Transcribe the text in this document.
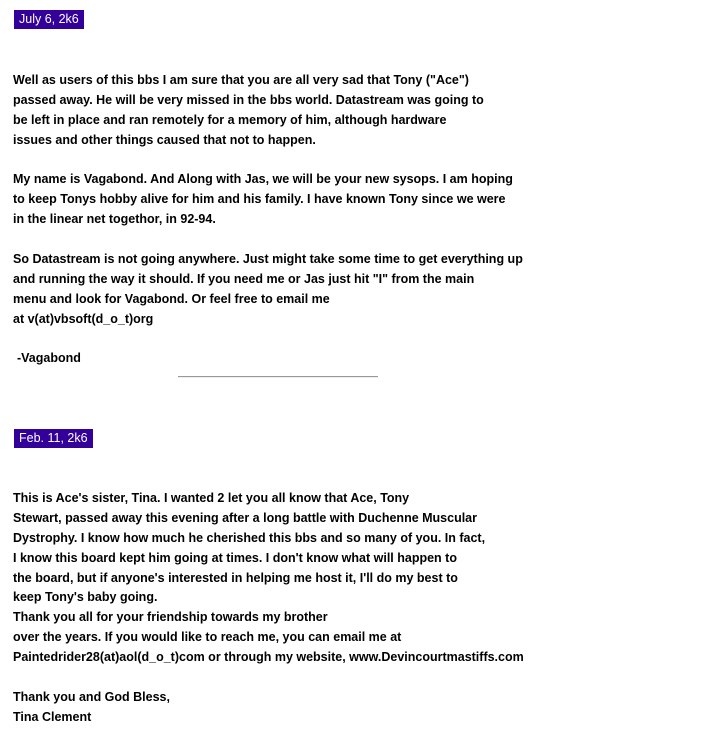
July 6, 2k6
Well as users of this bbs I am sure that you are all very sad that Tony ("Ace")
passed away. He will be very missed in the bbs world. Datastream was going to
be left in place and ran remotely for a memory of him, although hardware
issues and other things caused that not to happen.
My name is Vagabond. And Along with Jas, we will be your new sysops. I am hoping
to keep Tonys hobby alive for him and his family. I have known Tony since we were
in the linear net togethor, in 92-94.
So Datastream is not going anywhere. Just might take some time to get everything up
and running the way it should. If you need me or Jas just hit "I" from the main
menu and look for Vagabond. Or feel free to email me
at v(at)vbsoft(d_o_t)org
-Vagabond
Feb. 11, 2k6
This is Ace's sister, Tina. I wanted 2 let you all know that Ace, Tony
Stewart, passed away this evening after a long battle with Duchenne Muscular
Dystrophy. I know how much he cherished this bbs and so many of you. In fact,
I know this board kept him going at times. I don't know what will happen to
the board, but if anyone's interested in helping me host it, I'll do my best to
keep Tony's baby going.
Thank you all for your friendship towards my brother
over the years. If you would like to reach me, you can email me at
Paintedrider28(at)aol(d_o_t)com or through my website, www.Devincourtmastiffs.com
Thank you and God Bless,
Tina Clement
